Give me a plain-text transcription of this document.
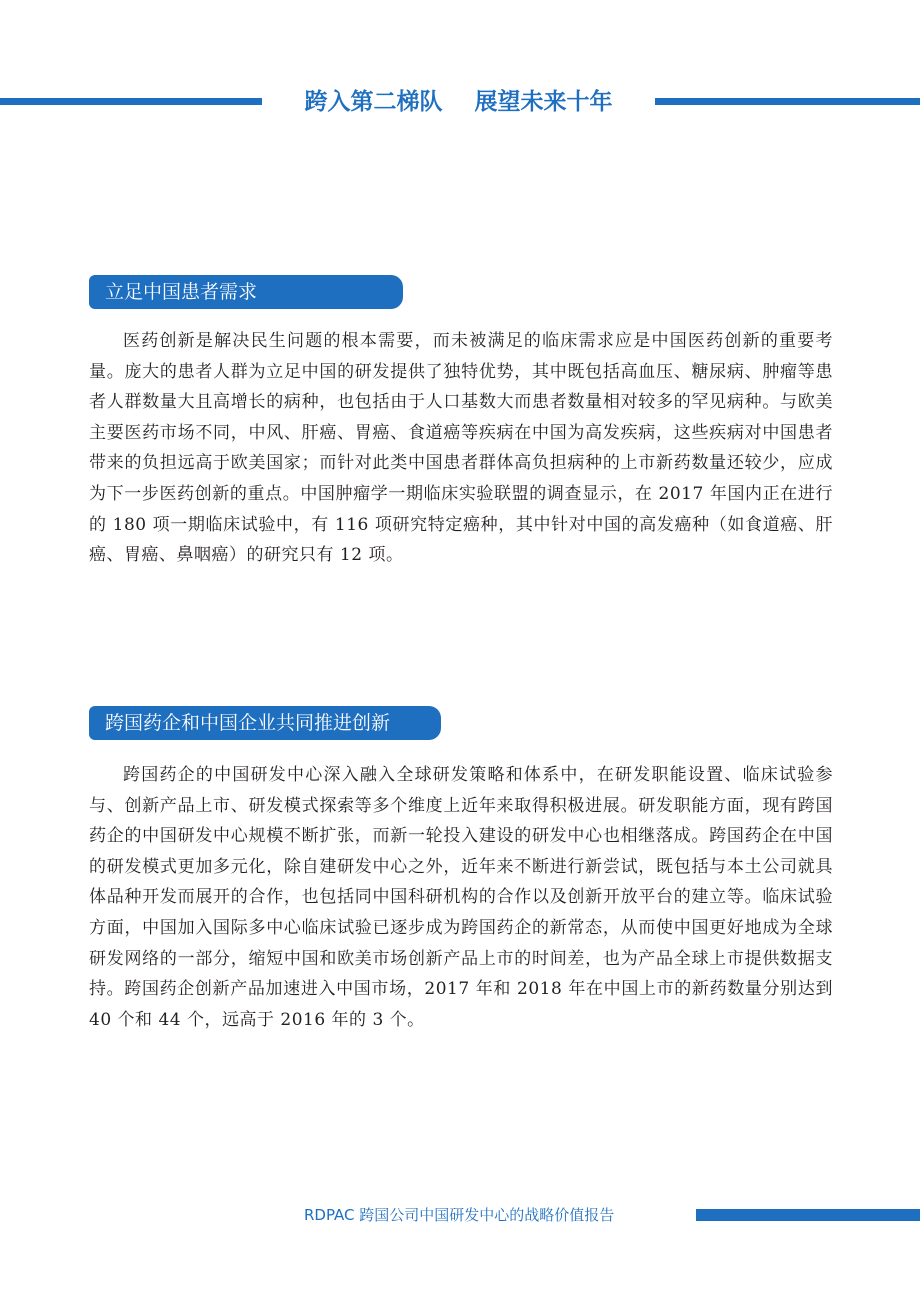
跨入第二梯队    展望未来十年
立足中国患者需求

医药创新是解决民生问题的根本需要，而未被满足的临床需求应是中国医药创新的重要考量。庞大的患者人群为立足中国的研发提供了独特优势，其中既包括高血压、糖尿病、肿瘤等患者人群数量大且高增长的病种，也包括由于人口基数大而患者数量相对较多的罕见病种。与欧美主要医药市场不同，中风、肝癌、胃癌、食道癌等疾病在中国为高发疾病，这些疾病对中国患者带来的负担远高于欧美国家；而针对此类中国患者群体高负担病种的上市新药数量还较少，应成为下一步医药创新的重点。中国肿瘤学一期临床实验联盟的调查显示，在 2017 年国内正在进行的 180 项一期临床试验中，有 116 项研究特定癌种，其中针对中国的高发癌种（如食道癌、肝癌、胃癌、鼻咽癌）的研究只有 12 项。

跨国药企和中国企业共同推进创新

跨国药企的中国研发中心深入融入全球研发策略和体系中，在研发职能设置、临床试验参与、创新产品上市、研发模式探索等多个维度上近年来取得积极进展。研发职能方面，现有跨国药企的中国研发中心规模不断扩张，而新一轮投入建设的研发中心也相继落成。跨国药企在中国的研发模式更加多元化，除自建研发中心之外，近年来不断进行新尝试，既包括与本土公司就具体品种开发而展开的合作，也包括同中国科研机构的合作以及创新开放平台的建立等。临床试验方面，中国加入国际多中心临床试验已逐步成为跨国药企的新常态，从而使中国更好地成为全球研发网络的一部分，缩短中国和欧美市场创新产品上市的时间差，也为产品全球上市提供数据支持。跨国药企创新产品加速进入中国市场，2017 年和 2018 年在中国上市的新药数量分别达到 40 个和 44 个，远高于 2016 年的 3 个。

RDPAC 跨国公司中国研发中心的战略价值报告
